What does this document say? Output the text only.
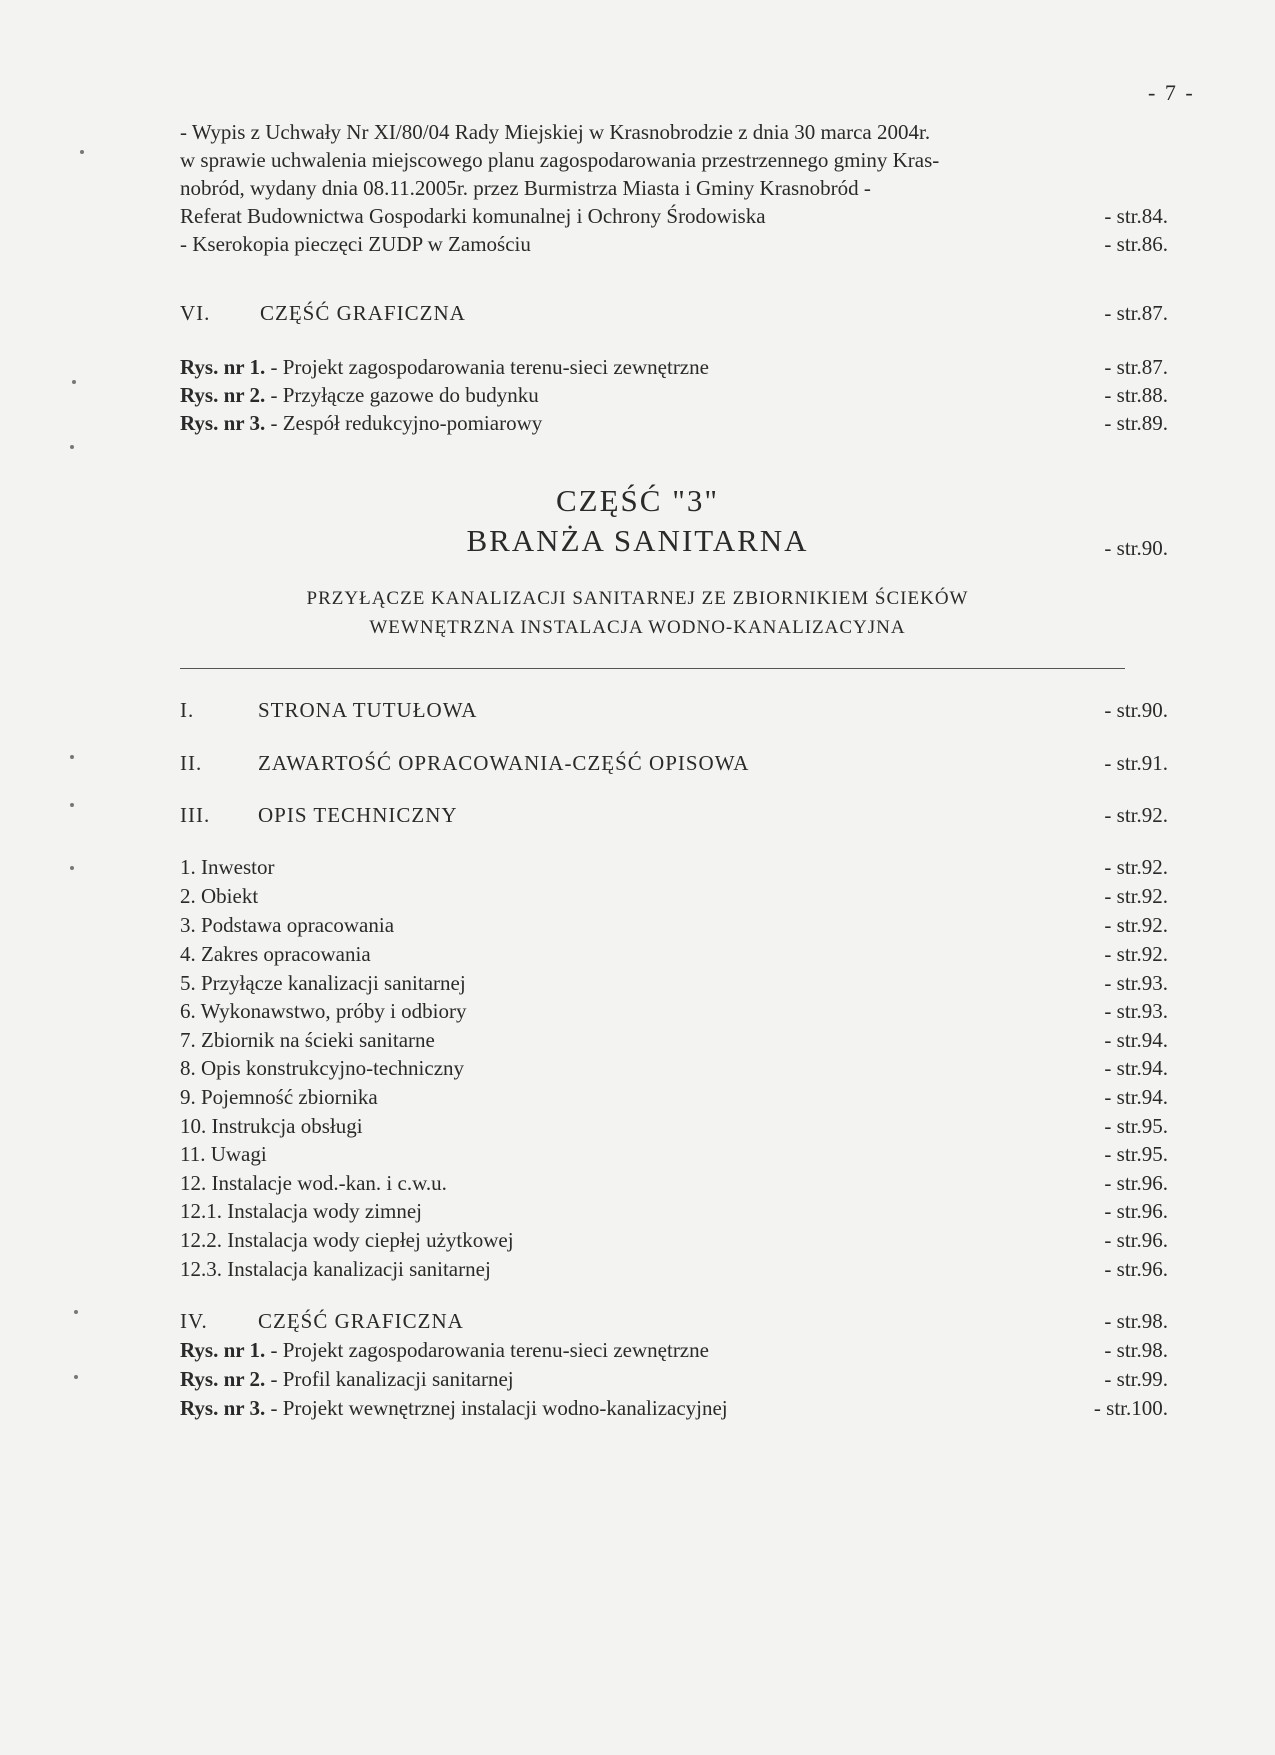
- 7 -
- Wypis z Uchwały Nr XI/80/04 Rady Miejskiej w Krasnobrodzie z dnia 30 marca 2004r.
w sprawie uchwalenia miejscowego planu zagospodarowania przestrzennego gminy Kras-
nobród, wydany dnia 08.11.2005r. przez Burmistrza Miasta i Gminy Krasnobród -
Referat Budownictwa Gospodarki komunalnej i Ochrony Środowiska	- str.84.
- Kserokopia pieczęci ZUDP w Zamościu	- str.86.
VI. CZĘŚĆ GRAFICZNA	- str.87.
Rys. nr 1. - Projekt zagospodarowania terenu-sieci zewnętrzne	- str.87.
Rys. nr 2. - Przyłącze gazowe do budynku	- str.88.
Rys. nr 3. - Zespół redukcyjno-pomiarowy	- str.89.
CZĘŚĆ "3"
BRANŻA SANITARNA	- str.90.
PRZYŁĄCZE KANALIZACJI SANITARNEJ ZE ZBIORNIKIEM ŚCIEKÓW
WEWNĘTRZNA INSTALACJA WODNO-KANALIZACYJNA
I.	STRONA TUTUŁOWA	- str.90.
II.	ZAWARTOŚĆ OPRACOWANIA-CZĘŚĆ OPISOWA	- str.91.
III. OPIS TECHNICZNY	- str.92.
1. Inwestor	- str.92.
2. Obiekt	- str.92.
3. Podstawa opracowania	- str.92.
4. Zakres opracowania	- str.92.
5. Przyłącze kanalizacji sanitarnej	- str.93.
6. Wykonawstwo, próby i odbiory	- str.93.
7. Zbiornik na ścieki sanitarne	- str.94.
8. Opis konstrukcyjno-techniczny	- str.94.
9. Pojemność zbiornika	- str.94.
10. Instrukcja obsługi	- str.95.
11. Uwagi	- str.95.
12. Instalacje wod.-kan. i c.w.u.	- str.96.
12.1. Instalacja wody zimnej	- str.96.
12.2. Instalacja wody ciepłej użytkowej	- str.96.
12.3. Instalacja kanalizacji sanitarnej	- str.96.
IV. CZĘŚĆ GRAFICZNA	- str.98.
Rys. nr 1. - Projekt zagospodarowania terenu-sieci zewnętrzne	- str.98.
Rys. nr 2. - Profil kanalizacji sanitarnej	- str.99.
Rys. nr 3. - Projekt wewnętrznej instalacji wodno-kanalizacyjnej	- str.100.
